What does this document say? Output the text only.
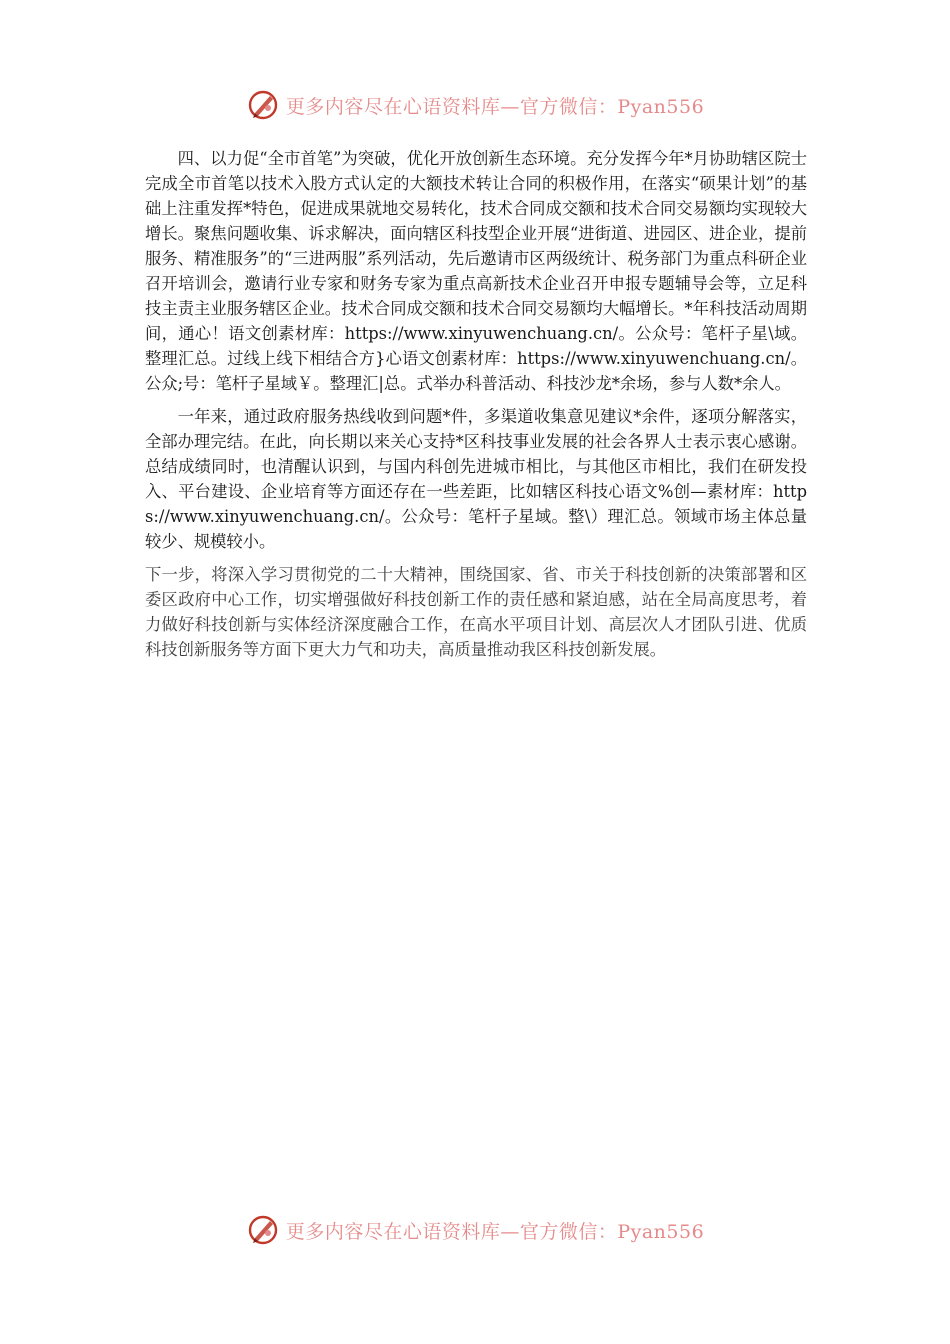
更多内容尽在心语资料库—官方微信：Pyan556

四、以力促“全市首笔”为突破，优化开放创新生态环境。充分发挥今年*月协助辖区院士完成全市首笔以技术入股方式认定的大额技术转让合同的积极作用，在落实“硕果计划”的基础上注重发挥*特色，促进成果就地交易转化，技术合同成交额和技术合同交易额均实现较大增长。聚焦问题收集、诉求解决，面向辖区科技型企业开展“进街道、进园区、进企业，提前服务、精准服务”的“三进两服”系列活动，先后邀请市区两级统计、税务部门为重点科研企业召开培训会，邀请行业专家和财务专家为重点高新技术企业召开申报专题辅导会等，立足科技主责主业服务辖区企业。技术合同成交额和技术合同交易额均大幅增长。*年科技活动周期间，通心！语文创素材库：https://www.xinyuwenchuang.cn/。公众号：笔杆子星\域。整理汇总。过线上线下相结合方}心语文创素材库：https://www.xinyuwenchuang.cn/。公众;号：笔杆子星域￥。整理汇|总。式举办科普活动、科技沙龙*余场，参与人数*余人。

一年来，通过政府服务热线收到问题*件，多渠道收集意见建议*余件，逐项分解落实，全部办理完结。在此，向长期以来关心支持*区科技事业发展的社会各界人士表示衷心感谢。总结成绩同时，也清醒认识到，与国内科创先进城市相比，与其他区市相比，我们在研发投入、平台建设、企业培育等方面还存在一些差距，比如辖区科技心语文%创—素材库：https://www.xinyuwenchuang.cn/。公众号：笔杆子星域。整\）理汇总。领域市场主体总量较少、规模较小。

下一步，将深入学习贯彻党的二十大精神，围绕国家、省、市关于科技创新的决策部署和区委区政府中心工作，切实增强做好科技创新工作的责任感和紧迫感，站在全局高度思考，着力做好科技创新与实体经济深度融合工作，在高水平项目计划、高层次人才团队引进、优质科技创新服务等方面下更大力气和功夫，高质量推动我区科技创新发展。

更多内容尽在心语资料库—官方微信：Pyan556
